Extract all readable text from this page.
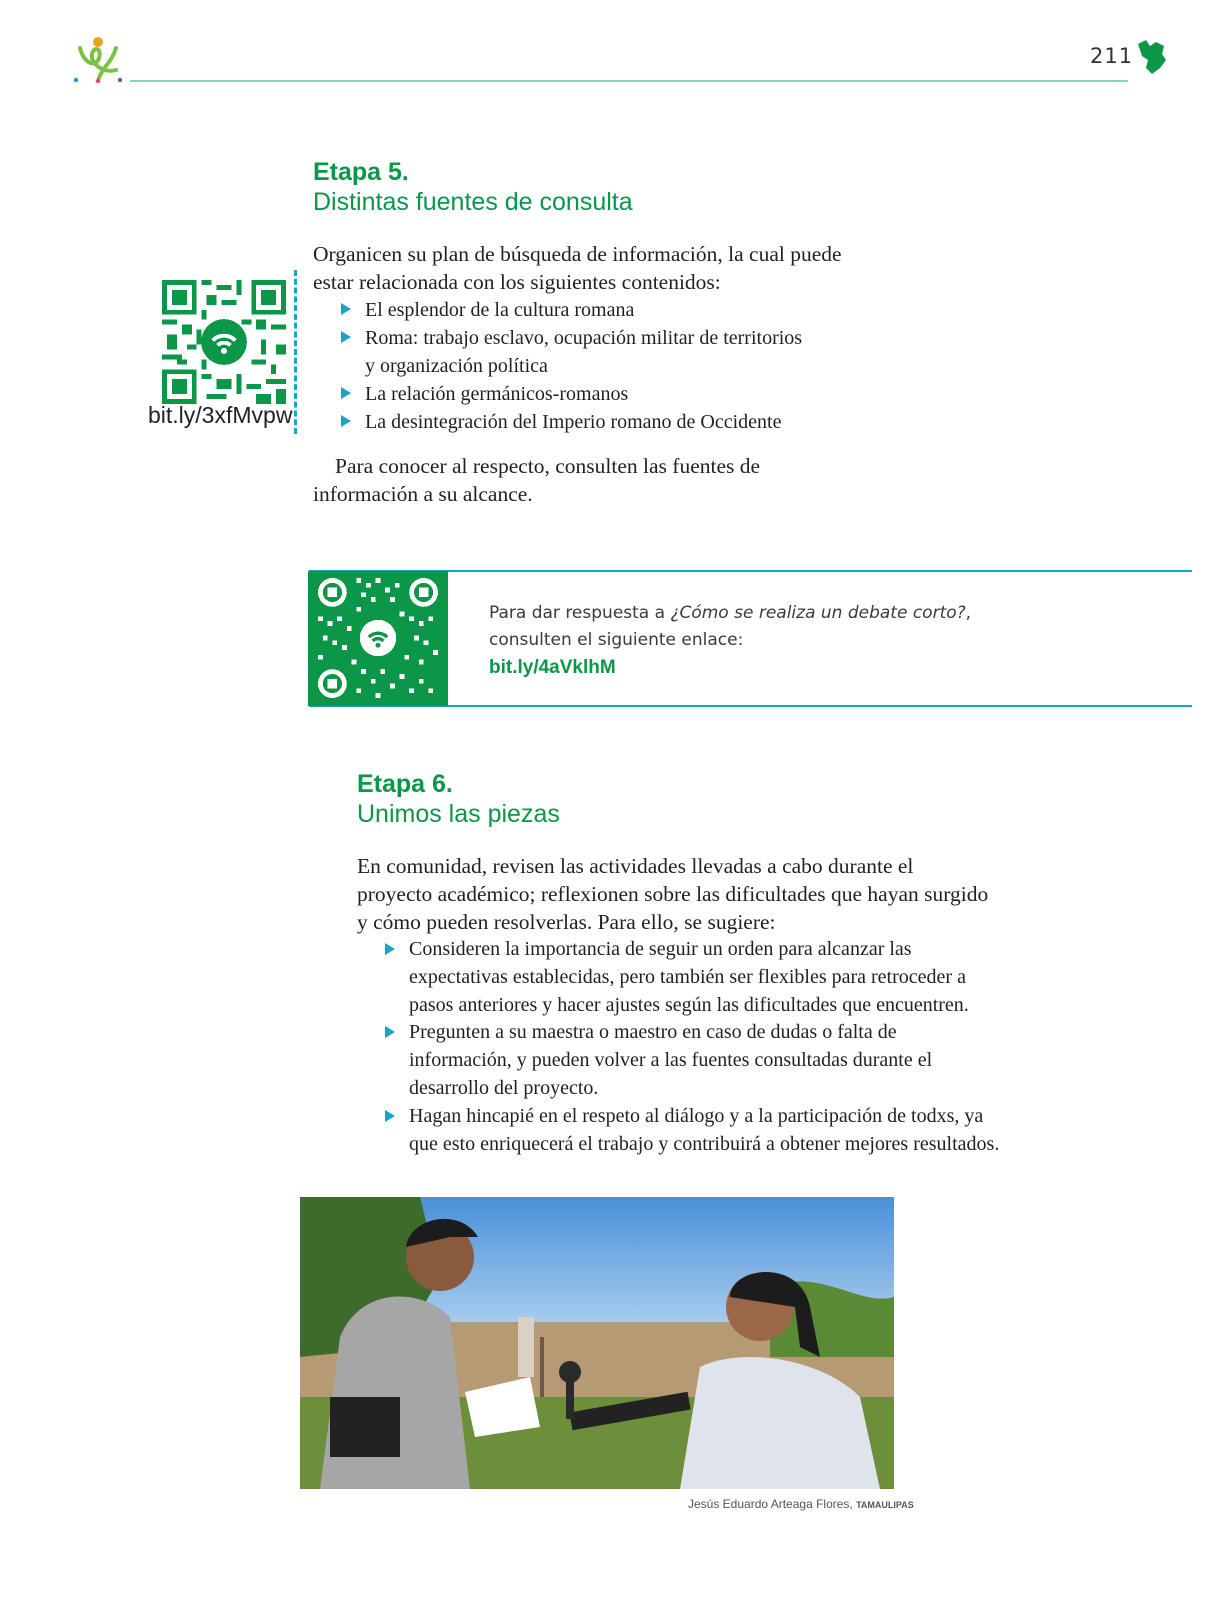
211
Etapa 5.
Distintas fuentes de consulta
Organicen su plan de búsqueda de información, la cual puede
estar relacionada con los siguientes contenidos:
El esplendor de la cultura romana
Roma: trabajo esclavo, ocupación militar de territorios
y organización política
La relación germánicos-romanos
La desintegración del Imperio romano de Occidente
Para conocer al respecto, consulten las fuentes de
información a su alcance.
bit.ly/3xfMvpw
Para dar respuesta a ¿Cómo se realiza un debate corto?,
consulten el siguiente enlace:
bit.ly/4aVklhM
Etapa 6.
Unimos las piezas
En comunidad, revisen las actividades llevadas a cabo durante el
proyecto académico; reflexionen sobre las dificultades que hayan surgido
y cómo pueden resolverlas. Para ello, se sugiere:
Consideren la importancia de seguir un orden para alcanzar las
expectativas establecidas, pero también ser flexibles para retroceder a
pasos anteriores y hacer ajustes según las dificultades que encuentren.
Pregunten a su maestra o maestro en caso de dudas o falta de
información, y pueden volver a las fuentes consultadas durante el
desarrollo del proyecto.
Hagan hincapié en el respeto al diálogo y a la participación de todxs, ya
que esto enriquecerá el trabajo y contribuirá a obtener mejores resultados.
Jesús Eduardo Arteaga Flores, TAMAULIPAS
